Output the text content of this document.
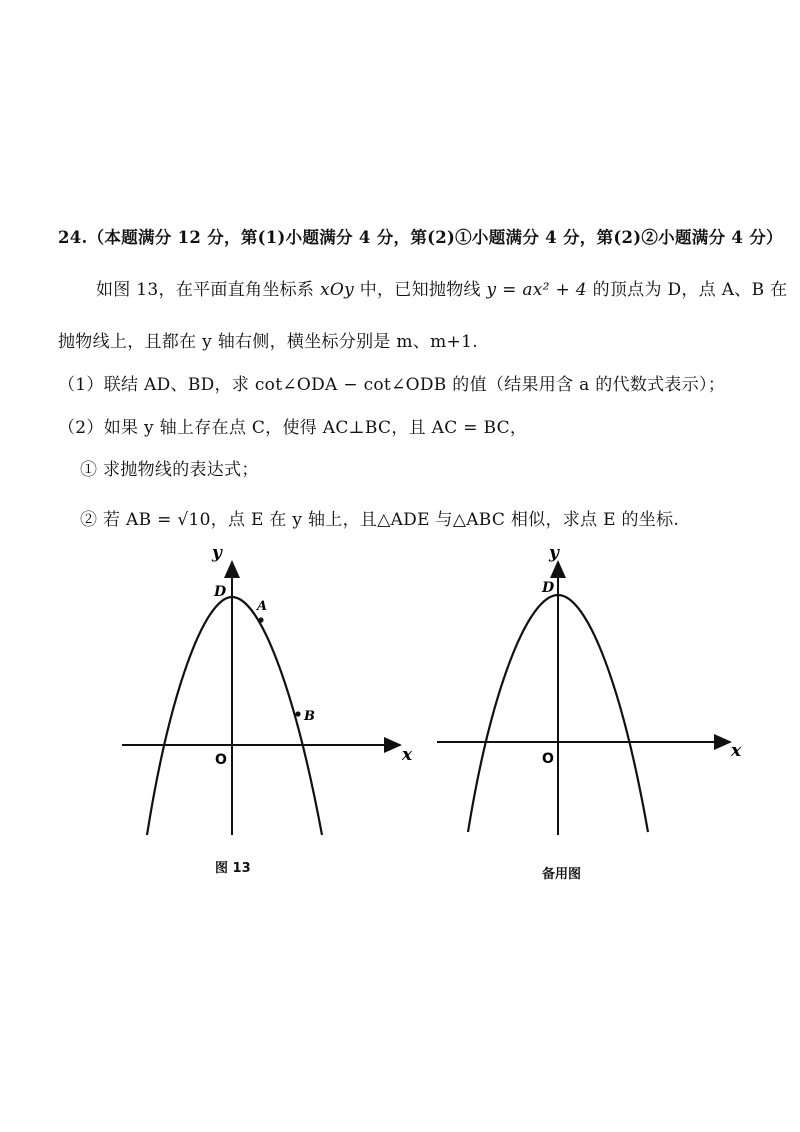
24.（本题满分 12 分，第(1)小题满分 4 分，第(2)①小题满分 4 分，第(2)②小题满分 4 分）
如图 13，在平面直角坐标系 xOy 中，已知抛物线 y = ax² + 4 的顶点为 D，点 A、B 在
抛物线上，且都在 y 轴右侧，横坐标分别是 m、m+1.
（1）联结 AD、BD，求 cot∠ODA − cot∠ODB 的值（结果用含 a 的代数式表示）；
（2）如果 y 轴上存在点 C，使得 AC⊥BC，且 AC = BC，
① 求抛物线的表达式；
② 若 AB = √10，点 E 在 y 轴上，且△ADE 与△ABC 相似，求点 E 的坐标.
y
x
O
D
A
B
图 13
y
x
O
D
备用图
